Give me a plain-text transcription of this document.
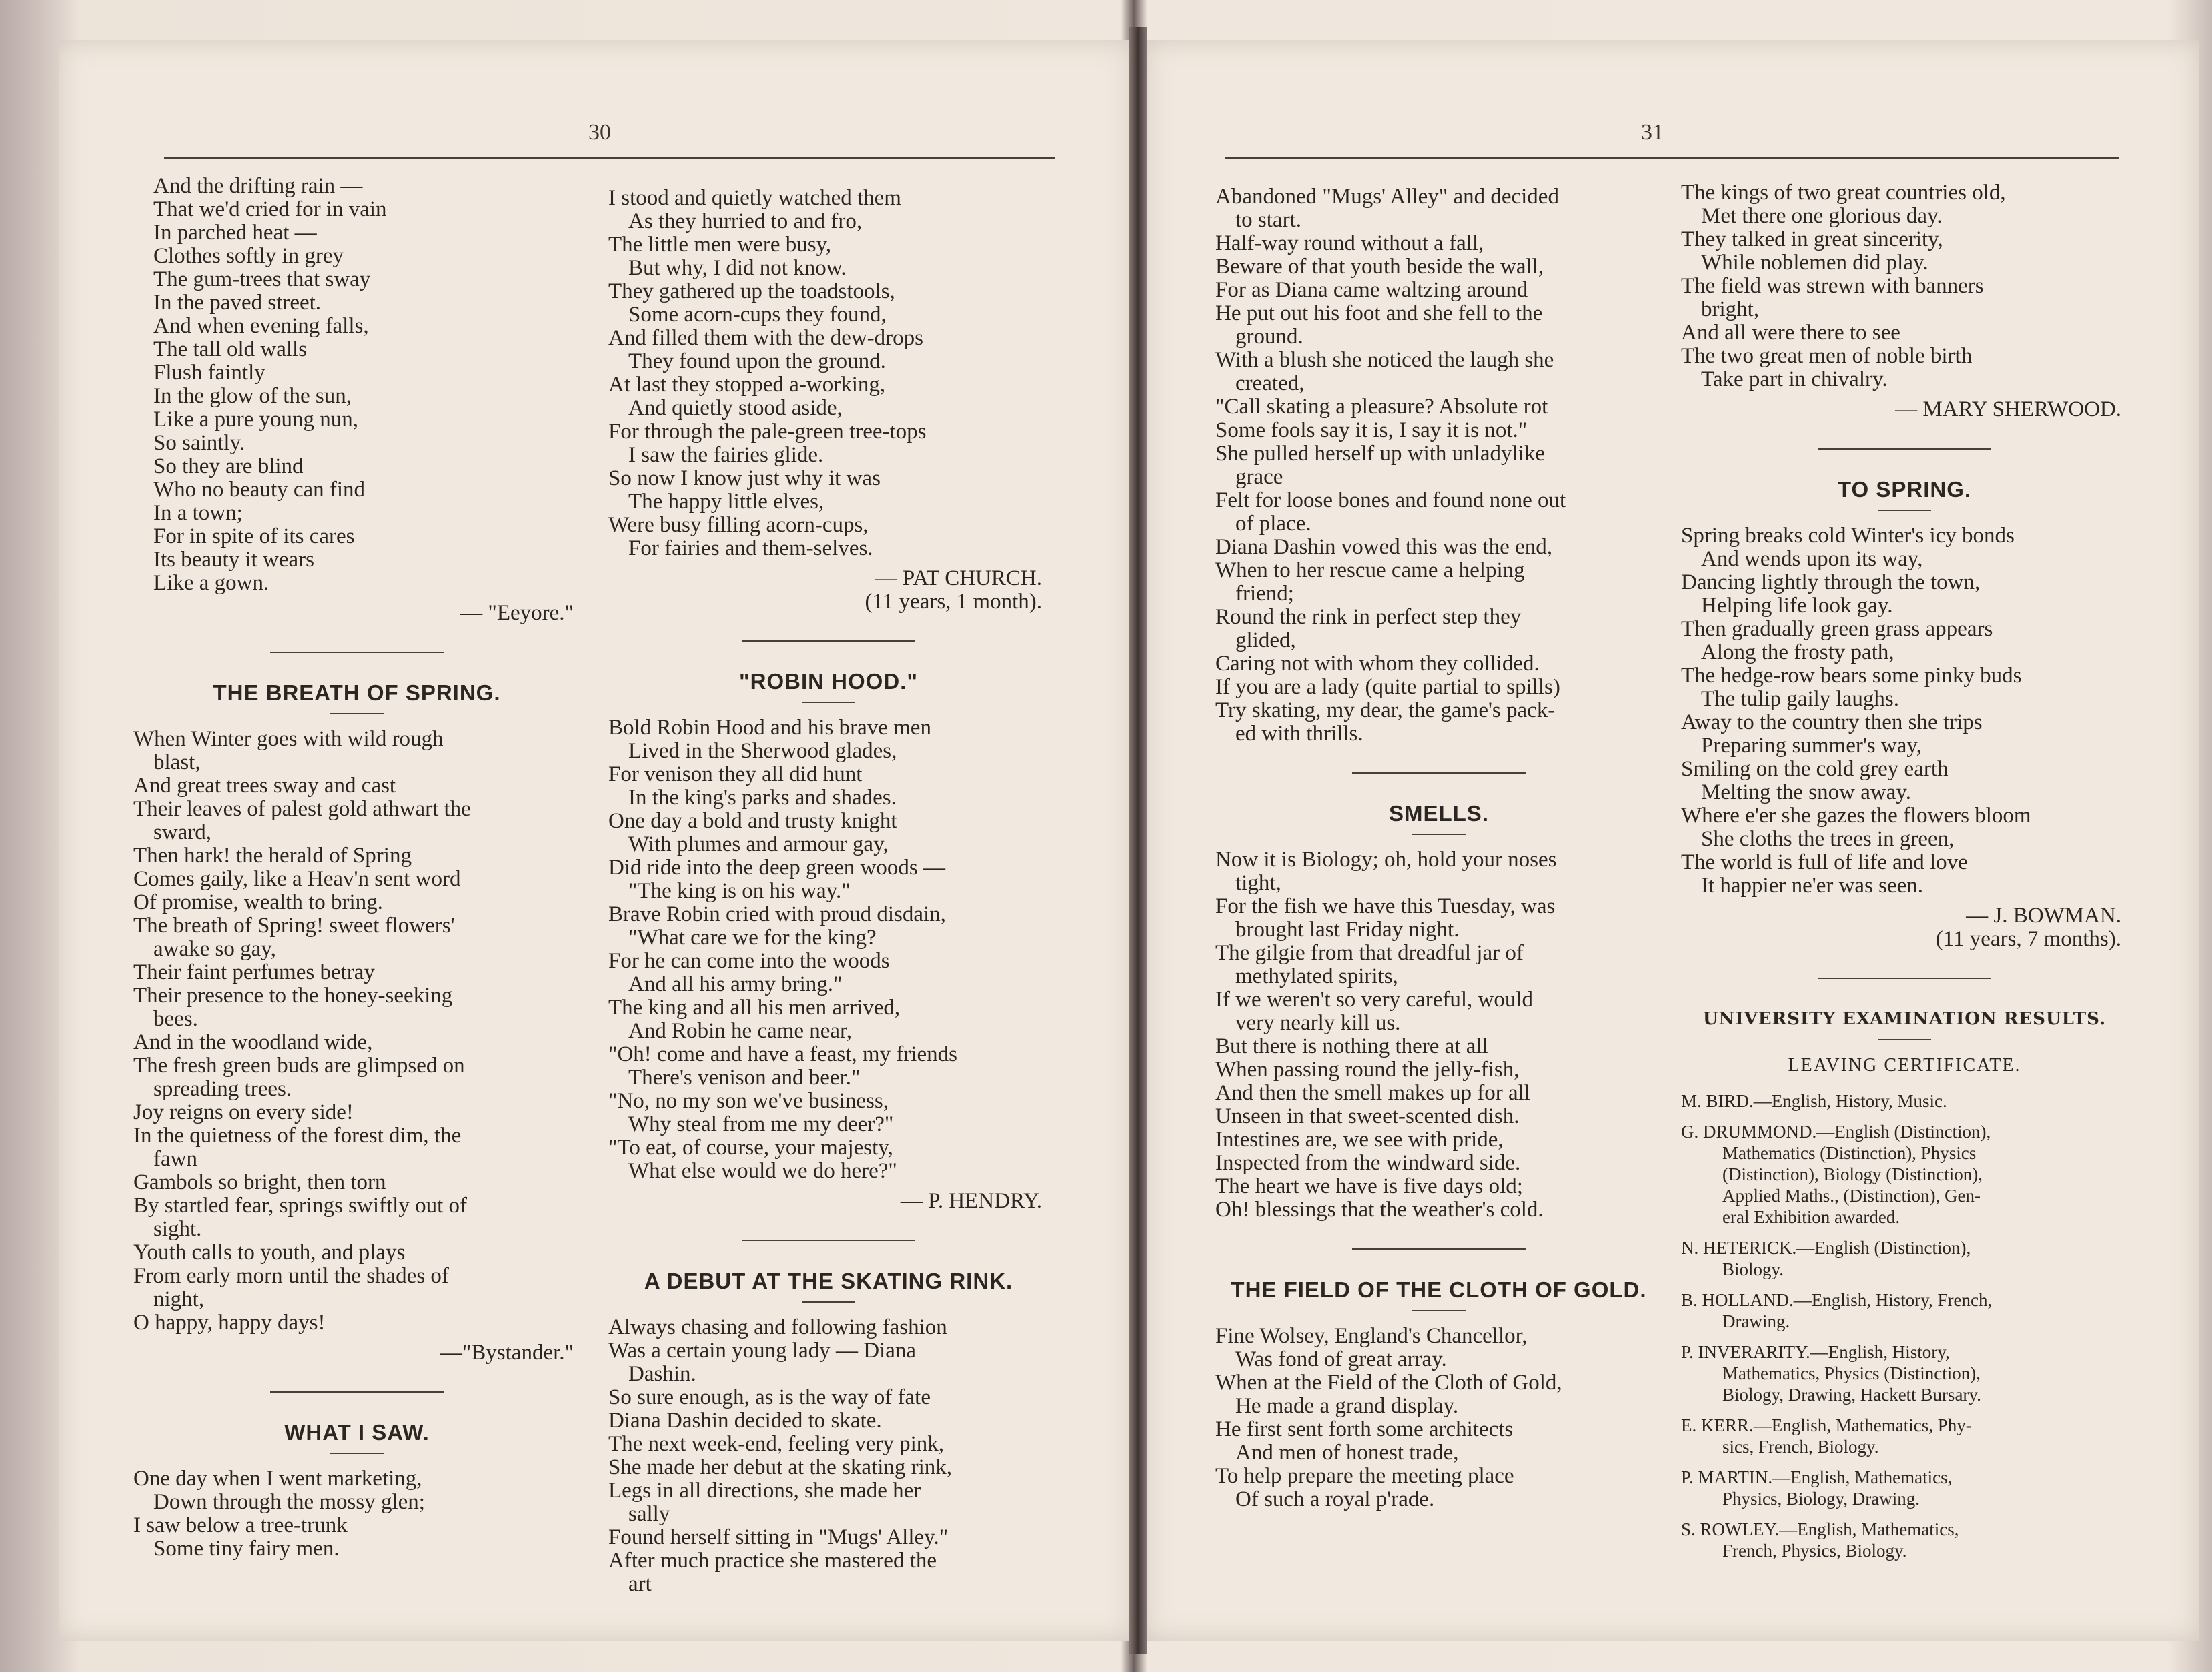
30	31
And the drifting rain —
That we'd cried for in vain
In parched heat —
Clothes softly in grey
The gum-trees that sway
In the paved street.
And when evening falls,
The tall old walls
Flush faintly
In the glow of the sun,
Like a pure young nun,
So saintly.
So they are blind
Who no beauty can find
In a town;
For in spite of its cares
Its beauty it wears
Like a gown.
— "Eeyore."
THE BREATH OF SPRING.
When Winter goes with wild rough
blast,
And great trees sway and cast
Their leaves of palest gold athwart the
sward,
Then hark! the herald of Spring
Comes gaily, like a Heav'n sent word
Of promise, wealth to bring.
The breath of Spring! sweet flowers'
awake so gay,
Their faint perfumes betray
Their presence to the honey-seeking
bees.
And in the woodland wide,
The fresh green buds are glimpsed on
spreading trees.
Joy reigns on every side!
In the quietness of the forest dim, the
fawn
Gambols so bright, then torn
By startled fear, springs swiftly out of
sight.
Youth calls to youth, and plays
From early morn until the shades of
night,
O happy, happy days!
—"Bystander."
WHAT I SAW.
One day when I went marketing,
Down through the mossy glen;
I saw below a tree-trunk
Some tiny fairy men.
I stood and quietly watched them
As they hurried to and fro,
The little men were busy,
But why, I did not know.
They gathered up the toadstools,
Some acorn-cups they found,
And filled them with the dew-drops
They found upon the ground.
At last they stopped a-working,
And quietly stood aside,
For through the pale-green tree-tops
I saw the fairies glide.
So now I know just why it was
The happy little elves,
Were busy filling acorn-cups,
For fairies and them-selves.
— PAT CHURCH.
(11 years, 1 month).
"ROBIN HOOD."
Bold Robin Hood and his brave men
Lived in the Sherwood glades,
For venison they all did hunt
In the king's parks and shades.
One day a bold and trusty knight
With plumes and armour gay,
Did ride into the deep green woods —
"The king is on his way."
Brave Robin cried with proud disdain,
"What care we for the king?
For he can come into the woods
And all his army bring."
The king and all his men arrived,
And Robin he came near,
"Oh! come and have a feast, my friends
There's venison and beer."
"No, no my son we've business,
Why steal from me my deer?"
"To eat, of course, your majesty,
What else would we do here?"
— P. HENDRY.
A DEBUT AT THE SKATING RINK.
Always chasing and following fashion
Was a certain young lady — Diana
Dashin.
So sure enough, as is the way of fate
Diana Dashin decided to skate.
The next week-end, feeling very pink,
She made her debut at the skating rink,
Legs in all directions, she made her
sally
Found herself sitting in "Mugs' Alley."
After much practice she mastered the
art
Abandoned "Mugs' Alley" and decided
to start.
Half-way round without a fall,
Beware of that youth beside the wall,
For as Diana came waltzing around
He put out his foot and she fell to the
ground.
With a blush she noticed the laugh she
created,
"Call skating a pleasure? Absolute rot
Some fools say it is, I say it is not."
She pulled herself up with unladylike
grace
Felt for loose bones and found none out
of place.
Diana Dashin vowed this was the end,
When to her rescue came a helping
friend;
Round the rink in perfect step they
glided,
Caring not with whom they collided.
If you are a lady (quite partial to spills)
Try skating, my dear, the game's pack-
ed with thrills.
SMELLS.
Now it is Biology; oh, hold your noses
tight,
For the fish we have this Tuesday, was
brought last Friday night.
The gilgie from that dreadful jar of
methylated spirits,
If we weren't so very careful, would
very nearly kill us.
But there is nothing there at all
When passing round the jelly-fish,
And then the smell makes up for all
Unseen in that sweet-scented dish.
Intestines are, we see with pride,
Inspected from the windward side.
The heart we have is five days old;
Oh! blessings that the weather's cold.
THE FIELD OF THE CLOTH OF GOLD.
Fine Wolsey, England's Chancellor,
Was fond of great array.
When at the Field of the Cloth of Gold,
He made a grand display.
He first sent forth some architects
And men of honest trade,
To help prepare the meeting place
Of such a royal p'rade.
The kings of two great countries old,
Met there one glorious day.
They talked in great sincerity,
While noblemen did play.
The field was strewn with banners
bright,
And all were there to see
The two great men of noble birth
Take part in chivalry.
— MARY SHERWOOD.
TO SPRING.
Spring breaks cold Winter's icy bonds
And wends upon its way,
Dancing lightly through the town,
Helping life look gay.
Then gradually green grass appears
Along the frosty path,
The hedge-row bears some pinky buds
The tulip gaily laughs.
Away to the country then she trips
Preparing summer's way,
Smiling on the cold grey earth
Melting the snow away.
Where e'er she gazes the flowers bloom
She cloths the trees in green,
The world is full of life and love
It happier ne'er was seen.
— J. BOWMAN.
(11 years, 7 months).
UNIVERSITY EXAMINATION RESULTS.
LEAVING CERTIFICATE.
M. BIRD.—English, History, Music.
G. DRUMMOND.—English (Distinction),
Mathematics (Distinction), Physics
(Distinction), Biology (Distinction),
Applied Maths., (Distinction), Gen-
eral Exhibition awarded.
N. HETERICK.—English (Distinction),
Biology.
B. HOLLAND.—English, History, French,
Drawing.
P. INVERARITY.—English, History,
Mathematics, Physics (Distinction),
Biology, Drawing, Hackett Bursary.
E. KERR.—English, Mathematics, Phy-
sics, French, Biology.
P. MARTIN.—English, Mathematics,
Physics, Biology, Drawing.
S. ROWLEY.—English, Mathematics,
French, Physics, Biology.
